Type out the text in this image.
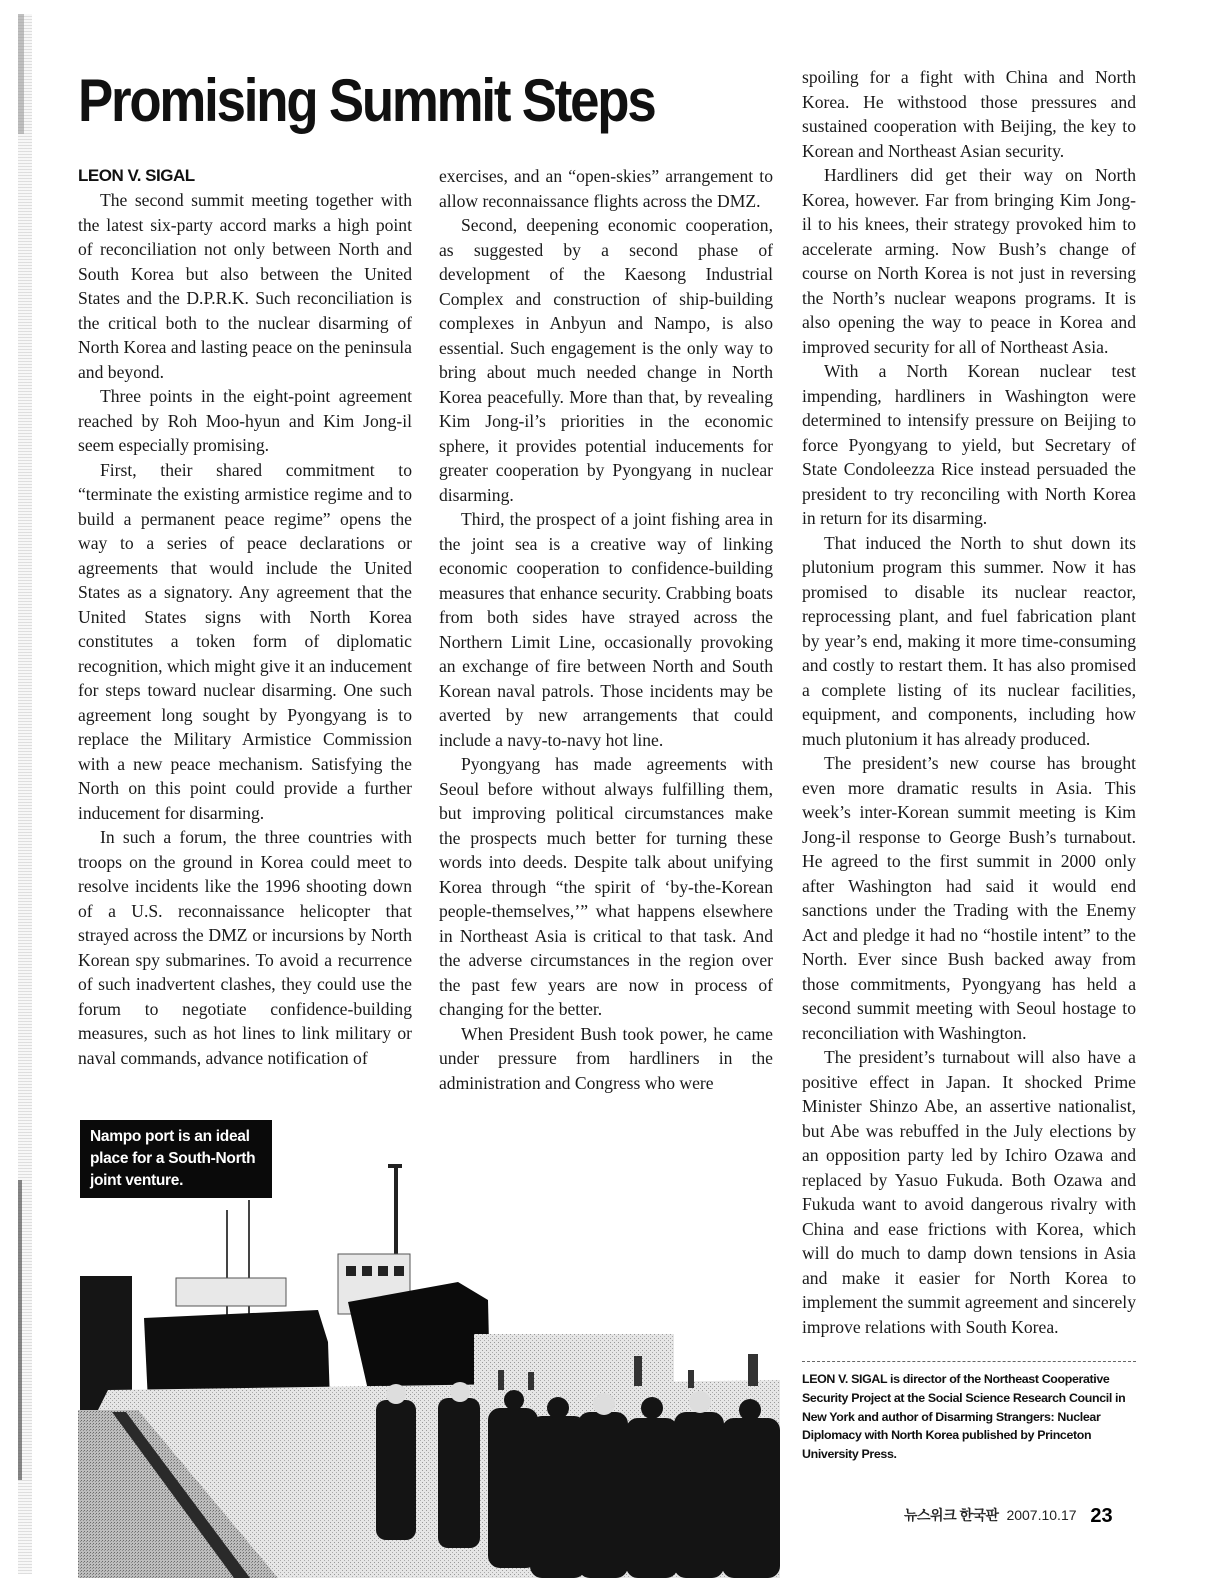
Promising Summit Steps
LEON V. SIGAL

The second summit meeting together with the latest six-party accord marks a high point of reconciliation not only between North and South Korea but also between the United States and the D.P.R.K. Such reconciliation is the critical both to the nuclear disarming of North Korea and lasting peace on the peninsula and beyond.

Three points in the eight-point agreement reached by Roh Moo-hyun and Kim Jong-il seem especially promising.

First, their shared commitment to “terminate the existing armistice regime and to build a permanent peace regime” opens the way to a series of peace declarations or agreements that would include the United States as a signatory. Any agreement that the United States signs with North Korea constitutes a token form of diplomatic recognition, which might give it an inducement for steps toward nuclear disarming. One such agreement long sought by Pyongyang is to replace the Military Armistice Commission with a new peace mechanism. Satisfying the North on this point could provide a further inducement for disarming.

In such a forum, the three countries with troops on the ground in Korea could meet to resolve incidents like the 1996 shooting down of a U.S. reconnaissance helicopter that strayed across the DMZ or incursions by North Korean spy submarines. To avoid a recurrence of such inadvertent clashes, they could use the forum to negotiate confidence-building measures, such as hot lines to link military or naval commands, advance notification of

exercises, and an “open-skies” arrangement to allow reconnaissance flights across the DMZ.

Second, deepening economic cooperation, as suggested by a second phase of development of the Kaesong Industrial Complex and construction of ship-building complexes in Anbyun and Nampo, is also essential. Such engagement is the only way to bring about much needed change in North Korea peacefully. More than that, by revealing Kim Jong-il’s priorities in the economic sphere, it provides potential inducements for greater cooperation by Pyongyang in nuclear disarming.

Third, the prospect of a joint fishing area in the joint sea is a creative way of linking economic cooperation to confidence-building measures that enhance security. Crabbing boats from both sides have strayed across the Northern Limit Line, occasionally provoking an exchange of fire between North and South Korean naval patrols. Those incidents may be averted by new arrangements that could include a navy-to-navy hot line.

Pyongyang has made agreements with Seoul before without always fulfilling them, but improving political circumstances make the prospects much better for turning these words into deeds. Despite talk about unifying Korea through “the spirit of ‘by-the-Korean people-themselves,’” what happens elsewhere in Northeast Asia is critical to that task. And the adverse circumstances in the region over the past few years are now in process of changing for the better.

When President Bush took power, he came under pressure from hardliners in the administration and Congress who were

spoiling for a fight with China and North Korea. He withstood those pressures and sustained cooperation with Beijing, the key to Korean and Northeast Asian security.

Hardliners did get their way on North Korea, however. Far from bringing Kim Jong-il to his knees, their strategy provoked him to accelerate arming. Now Bush’s change of course on North Korea is not just in reversing the North’s nuclear weapons programs. It is also opening the way to peace in Korea and improved security for all of Northeast Asia.

With a North Korean nuclear test impending, hardliners in Washington were determined to intensify pressure on Beijing to force Pyongyang to yield, but Secretary of State Condoleezza Rice instead persuaded the president to try reconciling with North Korea in return for its disarming.

That induced the North to shut down its plutonium program this summer. Now it has promised to disable its nuclear reactor, reprocessing plant, and fuel fabrication plant by year’s end, making it more time-consuming and costly to restart them. It has also promised a complete listing of its nuclear facilities, equipment, and components, including how much plutonium it has already produced.

The president’s new course has brought even more dramatic results in Asia. This week’s inter-Korean summit meeting is Kim Jong-il response to George Bush’s turnabout. He agreed to the first summit in 2000 only after Washington had said it would end sanctions under the Trading with the Enemy Act and pledge it had no “hostile intent” to the North. Ever since Bush backed away from those commitments, Pyongyang has held a second summit meeting with Seoul hostage to reconciliation with Washington.

The president’s turnabout will also have a positive effect in Japan. It shocked Prime Minister Shinzo Abe, an assertive nationalist, but Abe was rebuffed in the July elections by an opposition party led by Ichiro Ozawa and replaced by Yasuo Fukuda. Both Ozawa and Fukuda want to avoid dangerous rivalry with China and ease frictions with Korea, which will do much to damp down tensions in Asia and make it easier for North Korea to implement the summit agreement and sincerely improve relations with South Korea.

Nampo port is an ideal place for a South-North joint venture.
LEON V. SIGAL is director of the Northeast Cooperative Security Project at the Social Science Research Council in New York and author of Disarming Strangers: Nuclear Diplomacy with North Korea published by Princeton University Press.
뉴스위크 한국판 2007.10.17 23
